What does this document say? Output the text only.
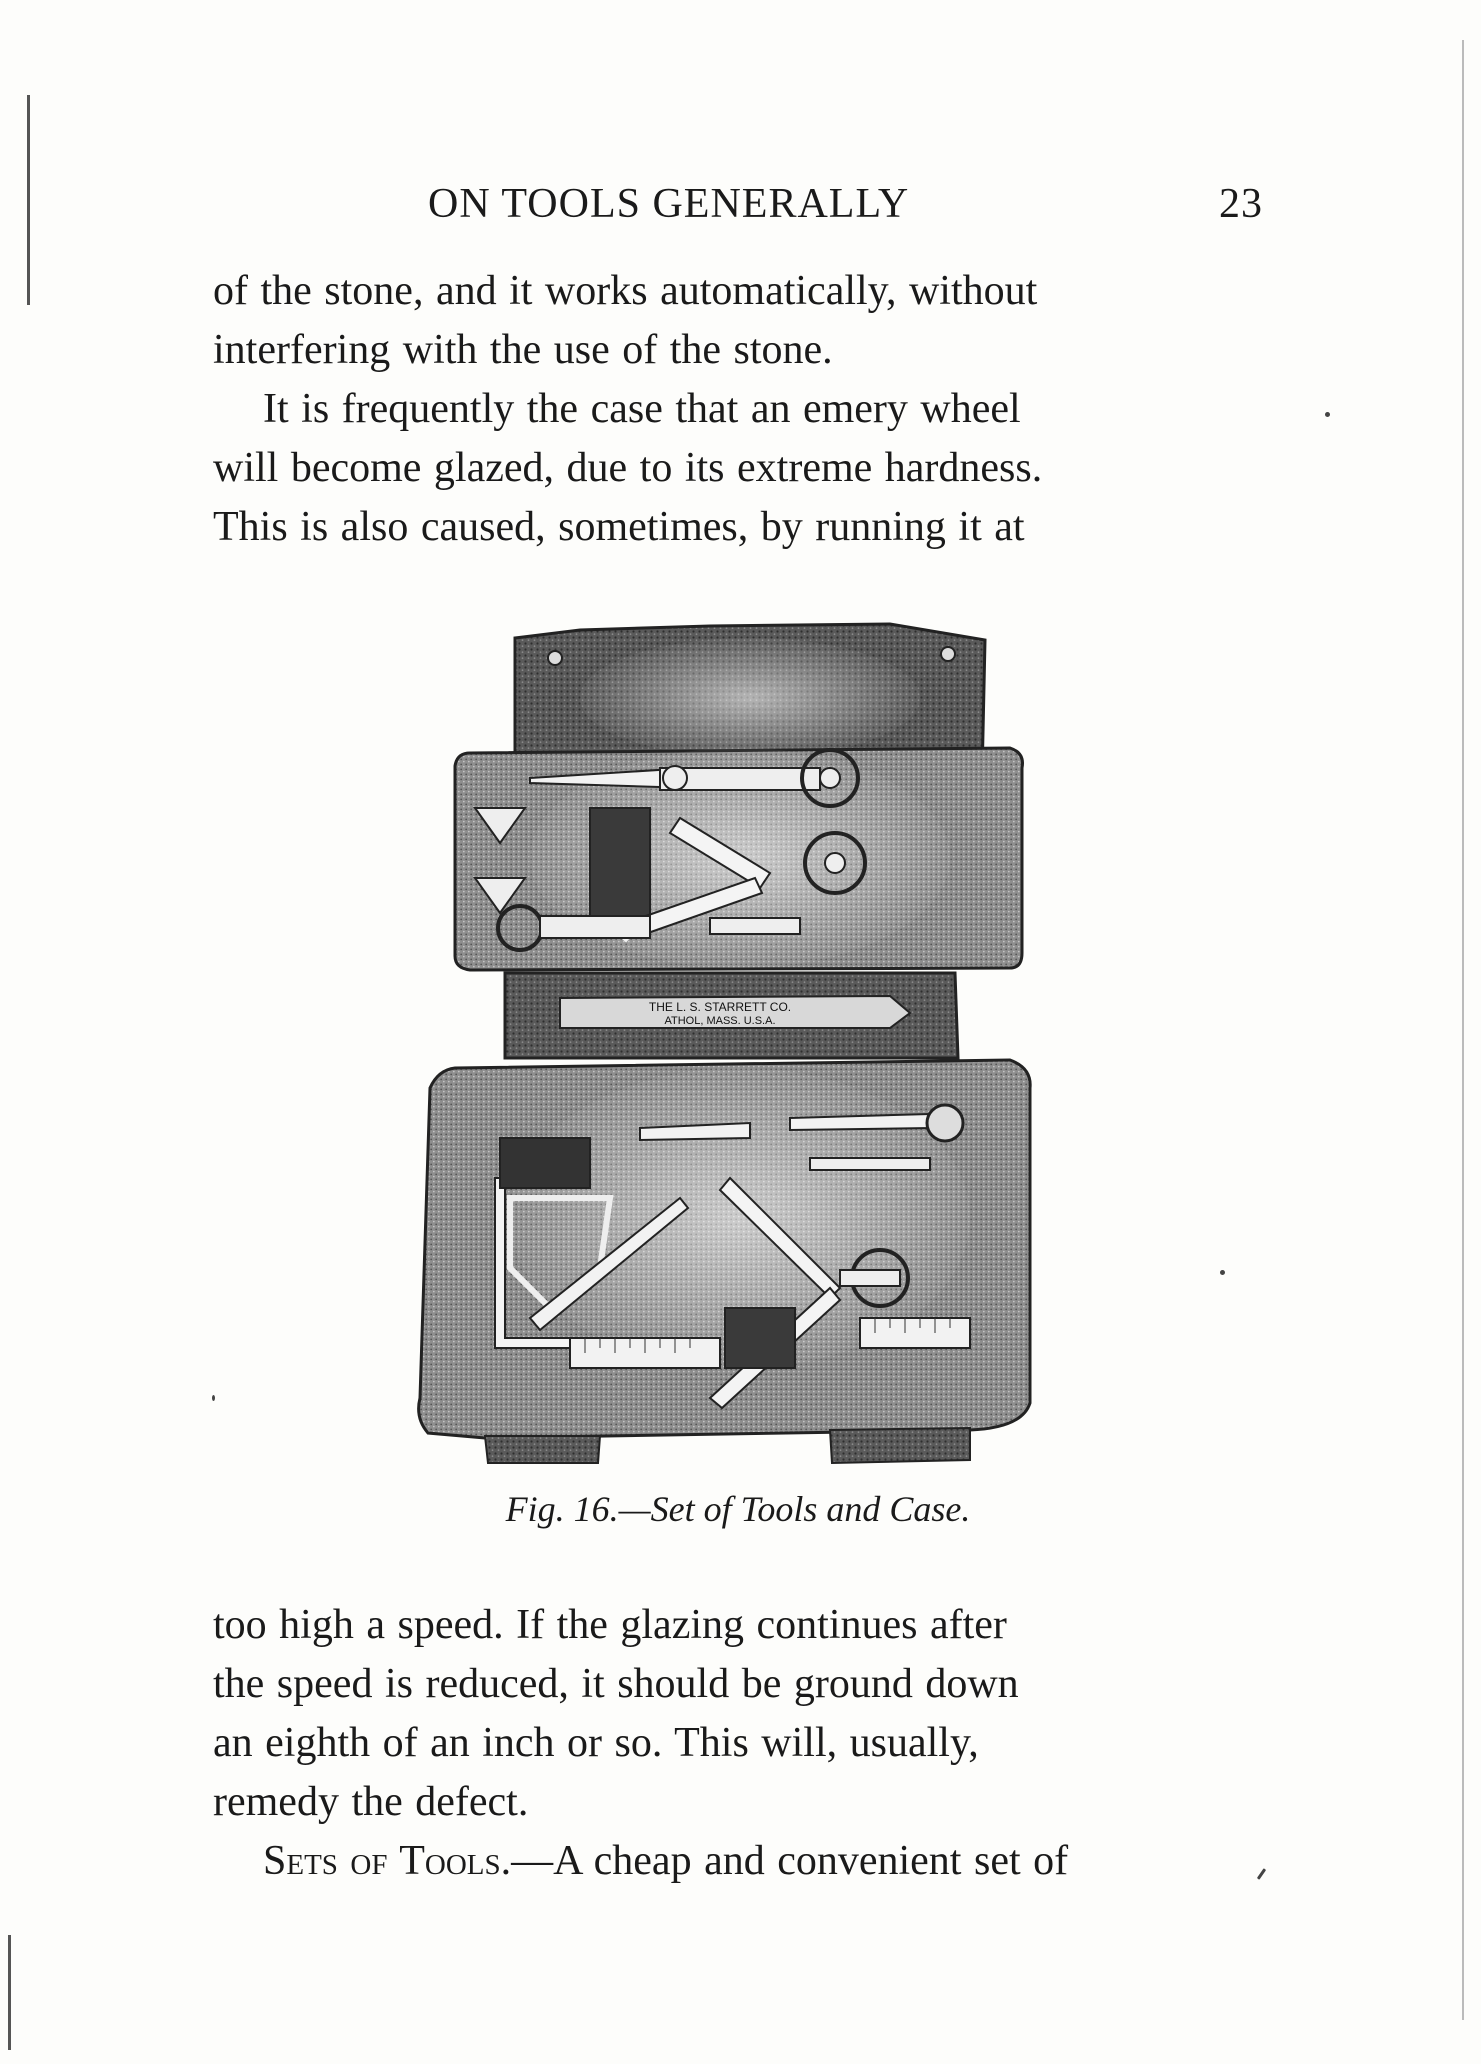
ON TOOLS GENERALLY	23
of the stone, and it works automatically, without
interfering with the use of the stone.
It is frequently the case that an emery wheel
will become glazed, due to its extreme hardness.
This is also caused, sometimes, by running it at
THE L. S. STARRETT CO.
ATHOL, MASS. U.S.A.
Fig. 16.—Set of Tools and Case.
too high a speed. If the glazing continues after
the speed is reduced, it should be ground down
an eighth of an inch or so. This will, usually,
remedy the defect.
Sets of Tools.—A cheap and convenient set of
